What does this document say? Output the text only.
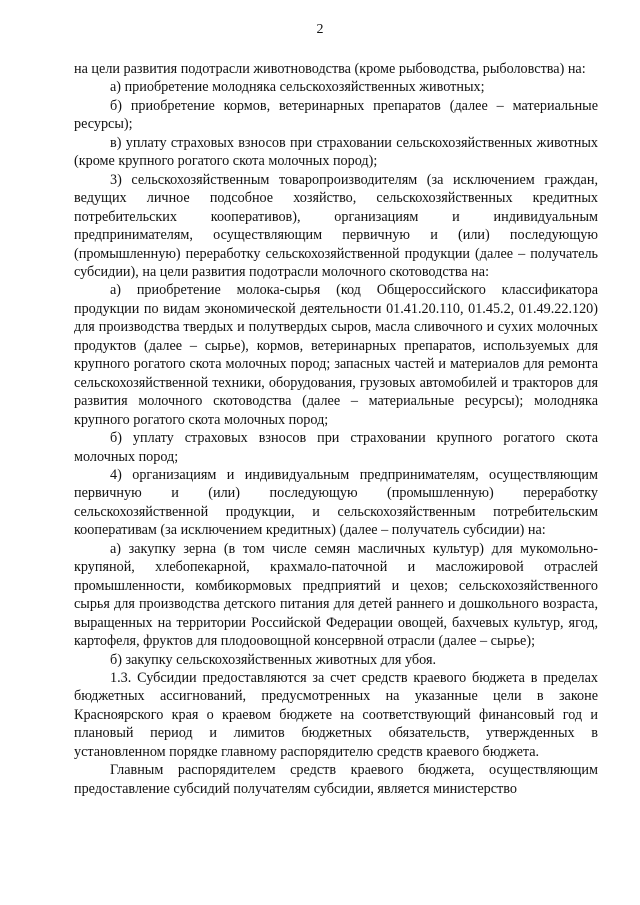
2

на цели развития подотрасли животноводства (кроме рыбоводства, рыболовства) на:

а) приобретение молодняка сельскохозяйственных животных;

б) приобретение кормов, ветеринарных препаратов (далее – материальные ресурсы);

в) уплату страховых взносов при страховании сельскохозяйственных животных (кроме крупного рогатого скота молочных пород);

3) сельскохозяйственным товаропроизводителям (за исключением граждан, ведущих личное подсобное хозяйство, сельскохозяйственных кредитных потребительских кооперативов), организациям и индивидуальным предпринимателям, осуществляющим первичную и (или) последующую (промышленную) переработку сельскохозяйственной продукции (далее – получатель субсидии), на цели развития подотрасли молочного скотоводства на:

а) приобретение молока-сырья (код Общероссийского классификатора продукции по видам экономической деятельности 01.41.20.110, 01.45.2, 01.49.22.120) для производства твердых и полутвердых сыров, масла сливочного и сухих молочных продуктов (далее – сырье), кормов, ветеринарных препаратов, используемых для крупного рогатого скота молочных пород; запасных частей и материалов для ремонта сельскохозяйственной техники, оборудования, грузовых автомобилей и тракторов для развития молочного скотоводства (далее – материальные ресурсы); молодняка крупного рогатого скота молочных пород;

б) уплату страховых взносов при страховании крупного рогатого скота молочных пород;

4) организациям и индивидуальным предпринимателям, осуществляющим первичную и (или) последующую (промышленную) переработку сельскохозяйственной продукции, и сельскохозяйственным потребительским кооперативам (за исключением кредитных) (далее – получатель субсидии) на:

а) закупку зерна (в том числе семян масличных культур) для мукомольно-крупяной, хлебопекарной, крахмало-паточной и масложировой отраслей промышленности, комбикормовых предприятий и цехов; сельскохозяйственного сырья для производства детского питания для детей раннего и дошкольного возраста, выращенных на территории Российской Федерации овощей, бахчевых культур, ягод, картофеля, фруктов для плодоовощной консервной отрасли (далее – сырье);

б) закупку сельскохозяйственных животных для убоя.

1.3. Субсидии предоставляются за счет средств краевого бюджета в пределах бюджетных ассигнований, предусмотренных на указанные цели в законе Красноярского края о краевом бюджете на соответствующий финансовый год и плановый период и лимитов бюджетных обязательств, утвержденных в установленном порядке главному распорядителю средств краевого бюджета.

Главным распорядителем средств краевого бюджета, осуществляющим предоставление субсидий получателям субсидии, является министерство
